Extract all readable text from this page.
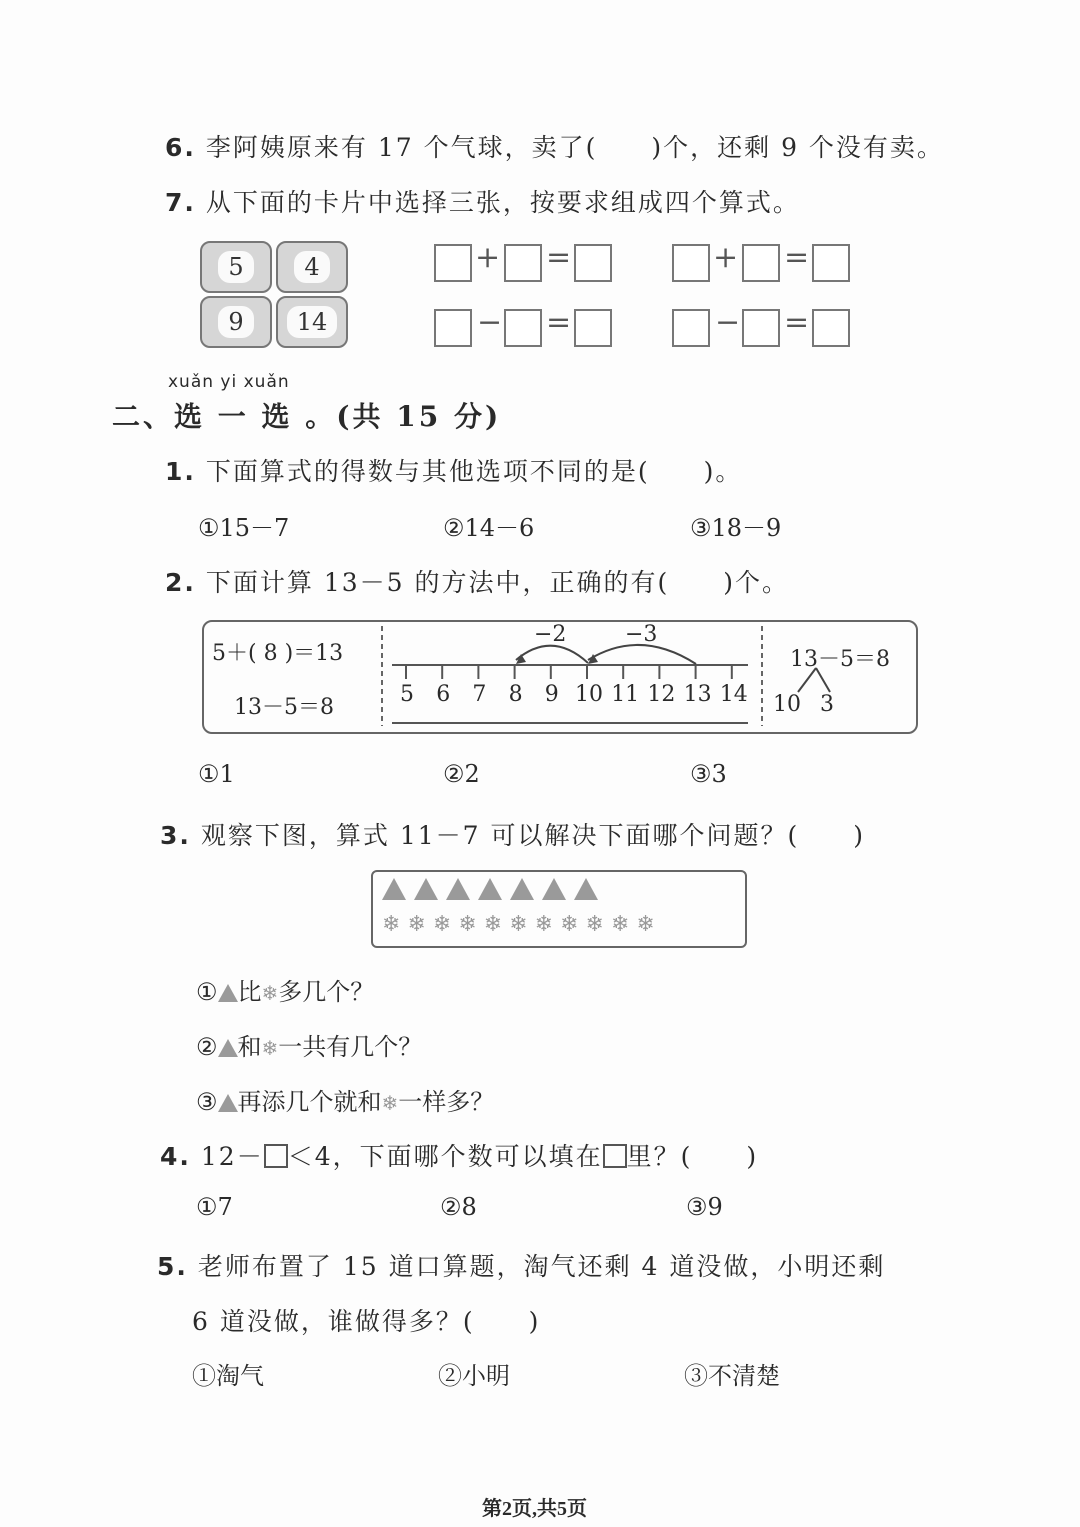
6. 李阿姨原来有 17 个气球，卖了(　　)个，还剩 9 个没有卖。
7. 从下面的卡片中选择三张，按要求组成四个算式。
5	4
9	14
+ =	+ =
− =	− =
xuǎn yi xuǎn
二、选 一 选 。(共 15 分)
1. 下面算式的得数与其他选项不同的是(　　)。
①15－7	②14－6	③18－9
2. 下面计算 13－5 的方法中，正确的有(　　)个。
5＋( 8 )＝13
13－5＝8
−2	−3
5 6 7 8 9 10 11 12 13 14
13－5＝8
10 3
①1	②2	③3
3. 观察下图，算式 11－7 可以解决下面哪个问题？(　　)
❄ ❄ ❄ ❄ ❄ ❄ ❄ ❄ ❄ ❄ ❄
① 比❄多几个？
② 和❄一共有几个？
③ 再添几个就和❄一样多？
4. 12－ ＜4，下面哪个数可以填在 里？(　　)
①7	②8	③9
5. 老师布置了 15 道口算题，淘气还剩 4 道没做，小明还剩
6 道没做，谁做得多？(　　)
①淘气	②小明	③不清楚
第2页,共5页
